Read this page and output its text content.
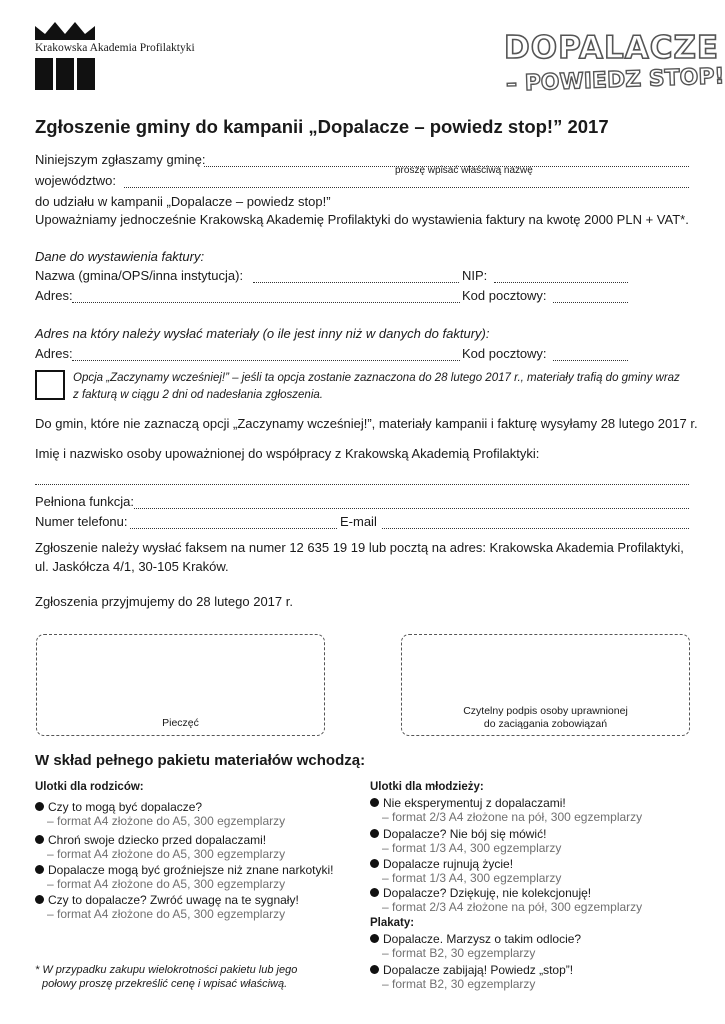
Krakowska Akademia Profilaktyki	DOPALACZE
– POWIEDZ STOP!
Zgłoszenie gminy do kampanii „Dopalacze – powiedz stop!” 2017
Niniejszym zgłaszamy gminę:
proszę wpisać właściwą nazwę
województwo:
do udziału w kampanii „Dopalacze – powiedz stop!”
Upoważniamy jednocześnie Krakowską Akademię Profilaktyki do wystawienia faktury na kwotę 2000 PLN + VAT*.
Dane do wystawienia faktury:
Nazwa (gmina/OPS/inna instytucja):	NIP:
Adres:	Kod pocztowy:
Adres na który należy wysłać materiały (o ile jest inny niż w danych do faktury):
Adres:	Kod pocztowy:
Opcja „Zaczynamy wcześniej!” – jeśli ta opcja zostanie zaznaczona do 28 lutego 2017 r., materiały trafią do gminy wraz
z fakturą w ciągu 2 dni od nadesłania zgłoszenia.
Do gmin, które nie zaznaczą opcji „Zaczynamy wcześniej!”, materiały kampanii i fakturę wysyłamy 28 lutego 2017 r.
Imię i nazwisko osoby upoważnionej do współpracy z Krakowską Akademią Profilaktyki:
Pełniona funkcja:
Numer telefonu:	E-mail
Zgłoszenie należy wysłać faksem na numer 12 635 19 19 lub pocztą na adres: Krakowska Akademia Profilaktyki,
ul. Jaskółcza 4/1, 30-105 Kraków.
Zgłoszenia przyjmujemy do 28 lutego 2017 r.
Pieczęć
Czytelny podpis osoby uprawnionej
do zaciągania zobowiązań
W skład pełnego pakietu materiałów wchodzą:
Ulotki dla rodziców:
Czy to mogą być dopalacze?
– format A4 złożone do A5, 300 egzemplarzy
Chroń swoje dziecko przed dopalaczami!
– format A4 złożone do A5, 300 egzemplarzy
Dopalacze mogą być groźniejsze niż znane narkotyki!
– format A4 złożone do A5, 300 egzemplarzy
Czy to dopalacze? Zwróć uwagę na te sygnały!
– format A4 złożone do A5, 300 egzemplarzy
Ulotki dla młodzieży:
Nie eksperymentuj z dopalaczami!
– format 2/3 A4 złożone na pół, 300 egzemplarzy
Dopalacze? Nie bój się mówić!
– format 1/3 A4, 300 egzemplarzy
Dopalacze rujnują życie!
– format 1/3 A4, 300 egzemplarzy
Dopalacze? Dziękuję, nie kolekcjonuję!
– format 2/3 A4 złożone na pół, 300 egzemplarzy
Plakaty:
Dopalacze. Marzysz o takim odlocie?
– format B2, 30 egzemplarzy
Dopalacze zabijają! Powiedz „stop”!
– format B2, 30 egzemplarzy
* W przypadku zakupu wielokrotności pakietu lub jego
połowy proszę przekreślić cenę i wpisać właściwą.
